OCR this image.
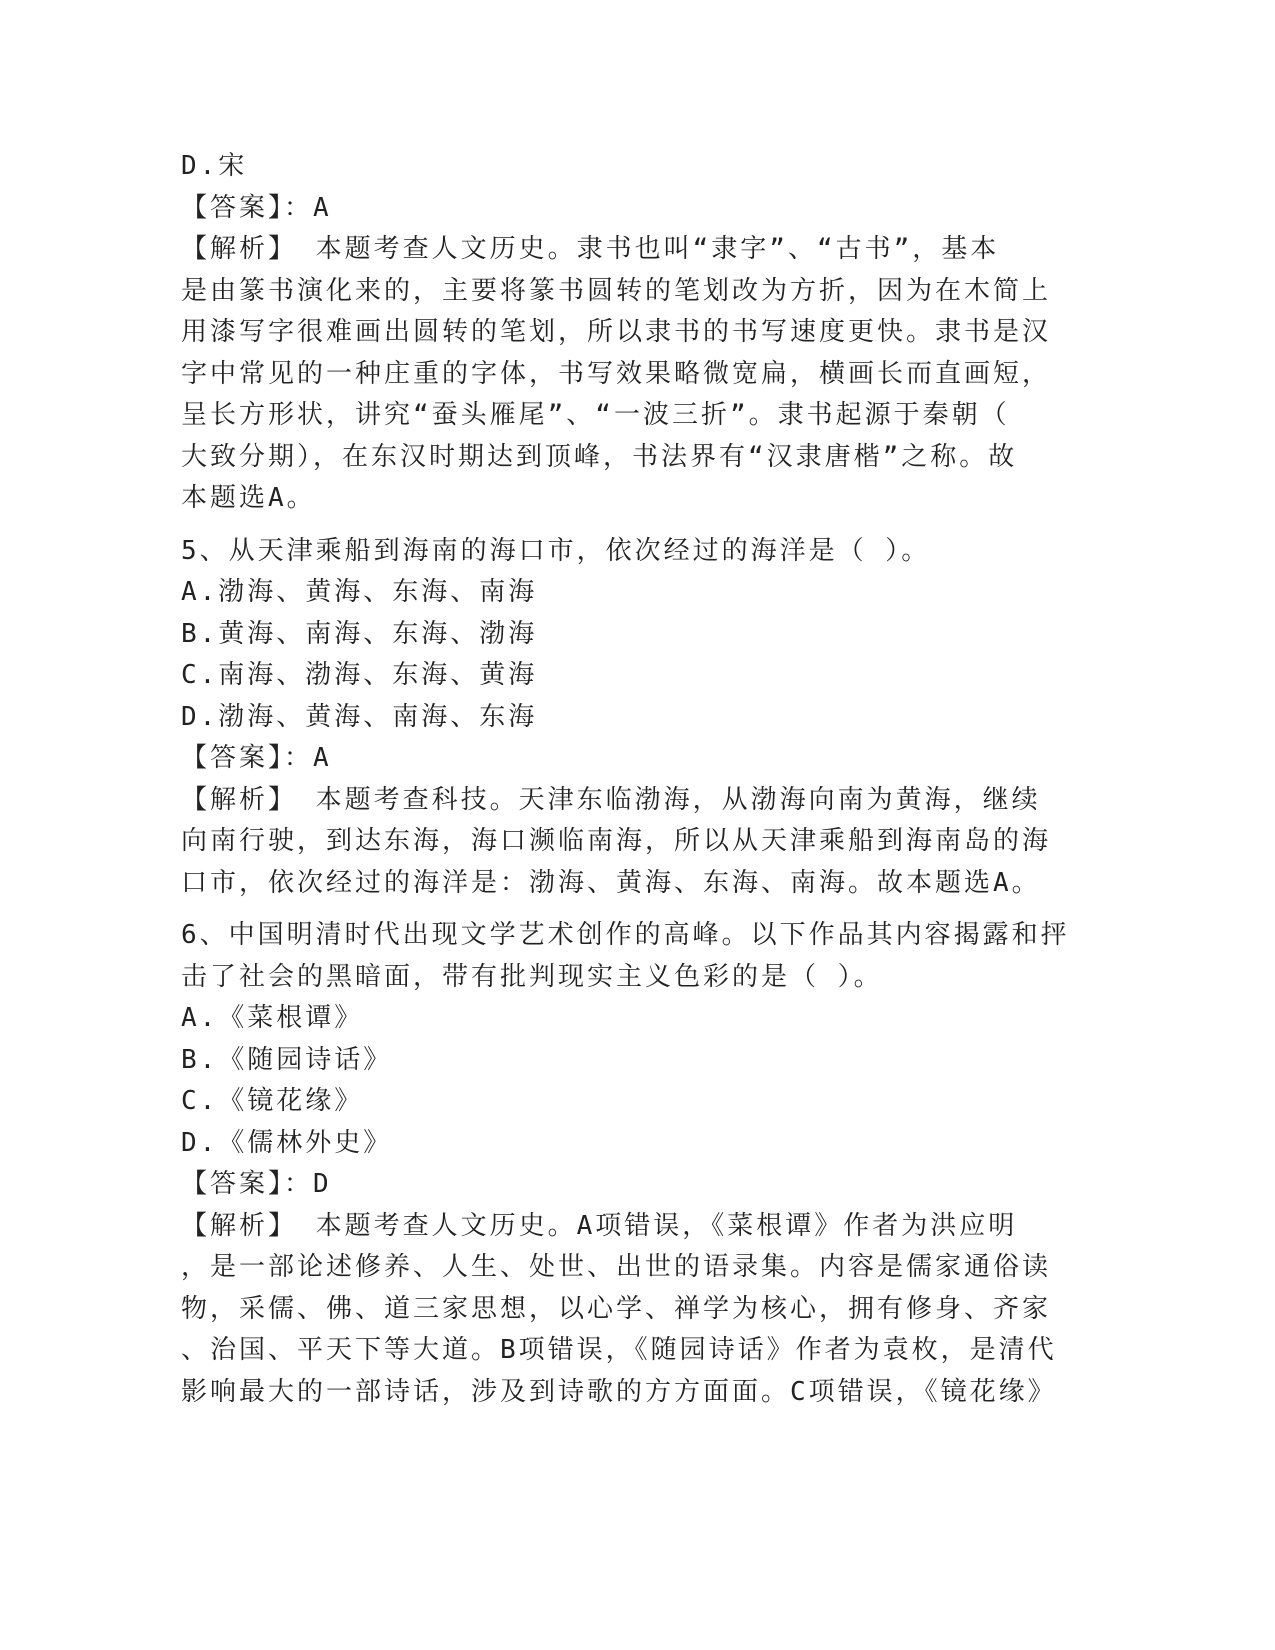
D.宋
【答案】：A
【解析】 本题考查人文历史。隶书也叫“隶字”、“古书”，基本
是由篆书演化来的，主要将篆书圆转的笔划改为方折，因为在木简上
用漆写字很难画出圆转的笔划，所以隶书的书写速度更快。隶书是汉
字中常见的一种庄重的字体，书写效果略微宽扁，横画长而直画短，
呈长方形状，讲究“蚕头雁尾”、“一波三折”。隶书起源于秦朝（
大致分期），在东汉时期达到顶峰，书法界有“汉隶唐楷”之称。故
本题选A。
5、从天津乘船到海南的海口市，依次经过的海洋是（ ）。
A.渤海、黄海、东海、南海
B.黄海、南海、东海、渤海
C.南海、渤海、东海、黄海
D.渤海、黄海、南海、东海
【答案】：A
【解析】 本题考查科技。天津东临渤海，从渤海向南为黄海，继续
向南行驶，到达东海，海口濒临南海，所以从天津乘船到海南岛的海
口市，依次经过的海洋是：渤海、黄海、东海、南海。故本题选A。
6、中国明清时代出现文学艺术创作的高峰。以下作品其内容揭露和抨
击了社会的黑暗面，带有批判现实主义色彩的是（ ）。
A.《菜根谭》
B.《随园诗话》
C.《镜花缘》
D.《儒林外史》
【答案】：D
【解析】 本题考查人文历史。A项错误，《菜根谭》作者为洪应明
，是一部论述修养、人生、处世、出世的语录集。内容是儒家通俗读
物，采儒、佛、道三家思想，以心学、禅学为核心，拥有修身、齐家
、治国、平天下等大道。B项错误，《随园诗话》作者为袁枚，是清代
影响最大的一部诗话，涉及到诗歌的方方面面。C项错误，《镜花缘》
